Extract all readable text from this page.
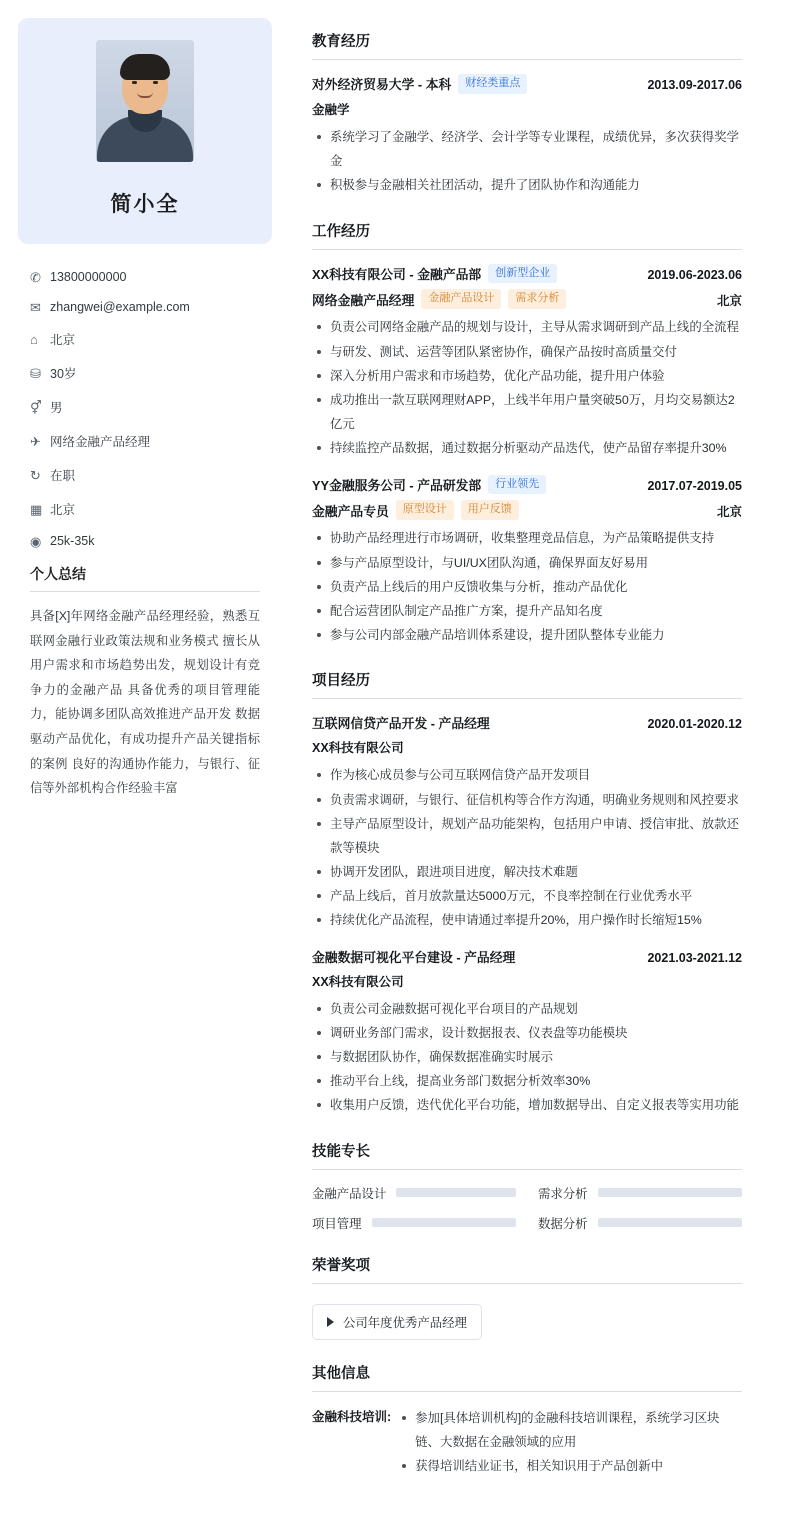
简小全
✆ 13800000000
✉ zhangwei@example.com
⌂ 北京
⛁ 30岁
⚥ 男
✈ 网络金融产品经理
↻ 在职
▦ 北京
◉ 25k-35k
个人总结
具备[X]年网络金融产品经理经验，熟悉互联网金融行业政策法规和业务模式 擅长从用户需求和市场趋势出发，规划设计有竞争力的金融产品 具备优秀的项目管理能力，能协调多团队高效推进产品开发 数据驱动产品优化，有成功提升产品关键指标的案例 良好的沟通协作能力，与银行、征信等外部机构合作经验丰富
教育经历
对外经济贸易大学 - 本科	财经类重点	2013.09-2017.06
金融学
系统学习了金融学、经济学、会计学等专业课程，成绩优异，多次获得奖学金
积极参与金融相关社团活动，提升了团队协作和沟通能力
工作经历
XX科技有限公司 - 金融产品部	创新型企业	2019.06-2023.06
网络金融产品经理	金融产品设计	需求分析	北京
负责公司网络金融产品的规划与设计，主导从需求调研到产品上线的全流程
与研发、测试、运营等团队紧密协作，确保产品按时高质量交付
深入分析用户需求和市场趋势，优化产品功能，提升用户体验
成功推出一款互联网理财APP，上线半年用户量突破50万，月均交易额达2亿元
持续监控产品数据，通过数据分析驱动产品迭代，使产品留存率提升30%
YY金融服务公司 - 产品研发部	行业领先	2017.07-2019.05
金融产品专员	原型设计	用户反馈	北京
协助产品经理进行市场调研，收集整理竞品信息，为产品策略提供支持
参与产品原型设计，与UI/UX团队沟通，确保界面友好易用
负责产品上线后的用户反馈收集与分析，推动产品优化
配合运营团队制定产品推广方案，提升产品知名度
参与公司内部金融产品培训体系建设，提升团队整体专业能力
项目经历
互联网信贷产品开发 - 产品经理	2020.01-2020.12
XX科技有限公司
作为核心成员参与公司互联网信贷产品开发项目
负责需求调研，与银行、征信机构等合作方沟通，明确业务规则和风控要求
主导产品原型设计，规划产品功能架构，包括用户申请、授信审批、放款还款等模块
协调开发团队，跟进项目进度，解决技术难题
产品上线后，首月放款量达5000万元，不良率控制在行业优秀水平
持续优化产品流程，使申请通过率提升20%，用户操作时长缩短15%
金融数据可视化平台建设 - 产品经理	2021.03-2021.12
XX科技有限公司
负责公司金融数据可视化平台项目的产品规划
调研业务部门需求，设计数据报表、仪表盘等功能模块
与数据团队协作，确保数据准确实时展示
推动平台上线，提高业务部门数据分析效率30%
收集用户反馈，迭代优化平台功能，增加数据导出、自定义报表等实用功能
技能专长
金融产品设计	需求分析
项目管理	数据分析
荣誉奖项
公司年度优秀产品经理
其他信息
金融科技培训:	参加[具体培训机构]的金融科技培训课程，系统学习区块链、大数据在金融领域的应用
获得培训结业证书，相关知识用于产品创新中
